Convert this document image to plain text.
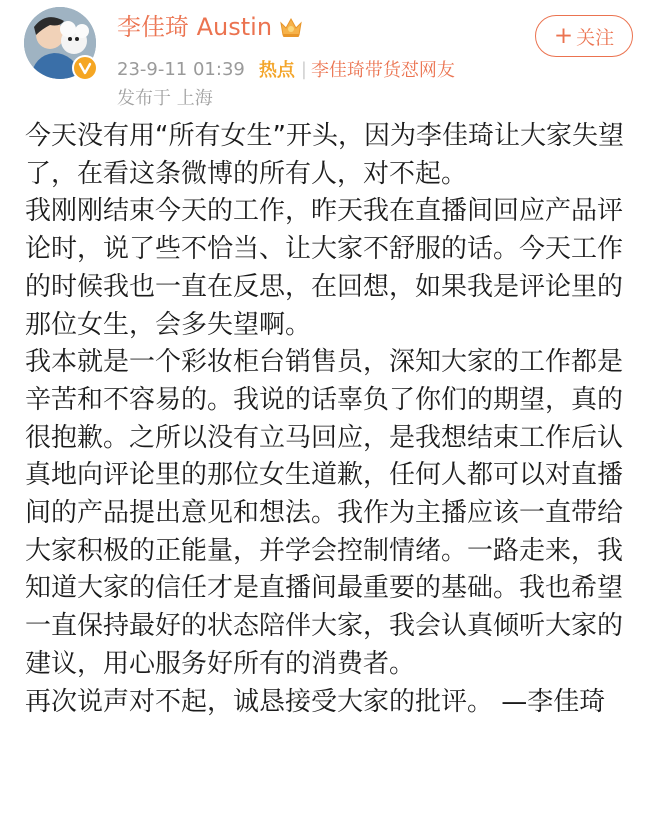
李佳琦 Austin
23-9-11 01:39 热点 | 李佳琦带货怼网友
发布于 上海
+ 关注

今天没有用“所有女生”开头，因为李佳琦让大家失望了，在看这条微博的所有人，对不起。

我刚刚结束今天的工作，昨天我在直播间回应产品评论时，说了些不恰当、让大家不舒服的话。今天工作的时候我也一直在反思，在回想，如果我是评论里的那位女生，会多失望啊。

我本就是一个彩妆柜台销售员，深知大家的工作都是辛苦和不容易的。我说的话辜负了你们的期望，真的很抱歉。之所以没有立马回应，是我想结束工作后认真地向评论里的那位女生道歉，任何人都可以对直播间的产品提出意见和想法。我作为主播应该一直带给大家积极的正能量，并学会控制情绪。一路走来，我知道大家的信任才是直播间最重要的基础。我也希望一直保持最好的状态陪伴大家，我会认真倾听大家的建议，用心服务好所有的消费者。

再次说声对不起，诚恳接受大家的批评。 —李佳琦
